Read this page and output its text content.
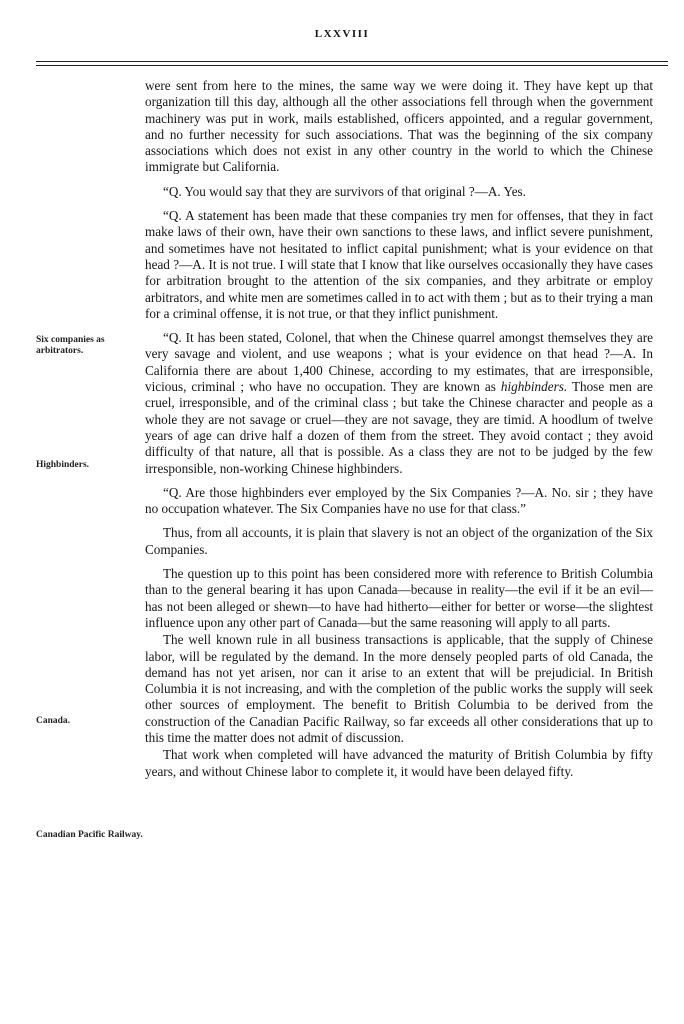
LXXVIII
Six companies as arbitrators.
Highbinders.
Canada.
Canadian Pacific Railway.

were sent from here to the mines, the same way we were doing it. They have kept up that organization till this day, although all the other associations fell through when the government machinery was put in work, mails established, officers appointed, and a regular government, and no further necessity for such associations. That was the beginning of the six company associations which does not exist in any other country in the world to which the Chinese immigrate but California.

“Q. You would say that they are survivors of that original ?—A. Yes.

“Q. A statement has been made that these companies try men for offenses, that they in fact make laws of their own, have their own sanctions to these laws, and inflict severe punishment, and sometimes have not hesitated to inflict capital punishment; what is your evidence on that head ?—A. It is not true. I will state that I know that like ourselves occasionally they have cases for arbitration brought to the attention of the six companies, and they arbitrate or employ arbitrators, and white men are sometimes called in to act with them ; but as to their trying a man for a criminal offense, it is not true, or that they inflict punishment.

“Q. It has been stated, Colonel, that when the Chinese quarrel amongst themselves they are very savage and violent, and use weapons ; what is your evidence on that head ?—A. In California there are about 1,400 Chinese, according to my estimates, that are irresponsible, vicious, criminal ; who have no occupation. They are known as highbinders. Those men are cruel, irresponsible, and of the criminal class ; but take the Chinese character and people as a whole they are not savage or cruel—they are not savage, they are timid. A hoodlum of twelve years of age can drive half a dozen of them from the street. They avoid contact ; they avoid difficulty of that nature, all that is possible. As a class they are not to be judged by the few irresponsible, non-working Chinese highbinders.

“Q. Are those highbinders ever employed by the Six Companies ?—A. No. sir ; they have no occupation whatever. The Six Companies have no use for that class.”

Thus, from all accounts, it is plain that slavery is not an object of the organization of the Six Companies.

The question up to this point has been considered more with reference to British Columbia than to the general bearing it has upon Canada—because in reality—the evil if it be an evil—has not been alleged or shewn—to have had hitherto—either for better or worse—the slightest influence upon any other part of Canada—but the same reasoning will apply to all parts.

The well known rule in all business transactions is applicable, that the supply of Chinese labor, will be regulated by the demand. In the more densely peopled parts of old Canada, the demand has not yet arisen, nor can it arise to an extent that will be prejudicial. In British Columbia it is not increasing, and with the completion of the public works the supply will seek other sources of employment. The benefit to British Columbia to be derived from the construction of the Canadian Pacific Railway, so far exceeds all other considerations that up to this time the matter does not admit of discussion.

That work when completed will have advanced the maturity of British Columbia by fifty years, and without Chinese labor to complete it, it would have been delayed fifty.
